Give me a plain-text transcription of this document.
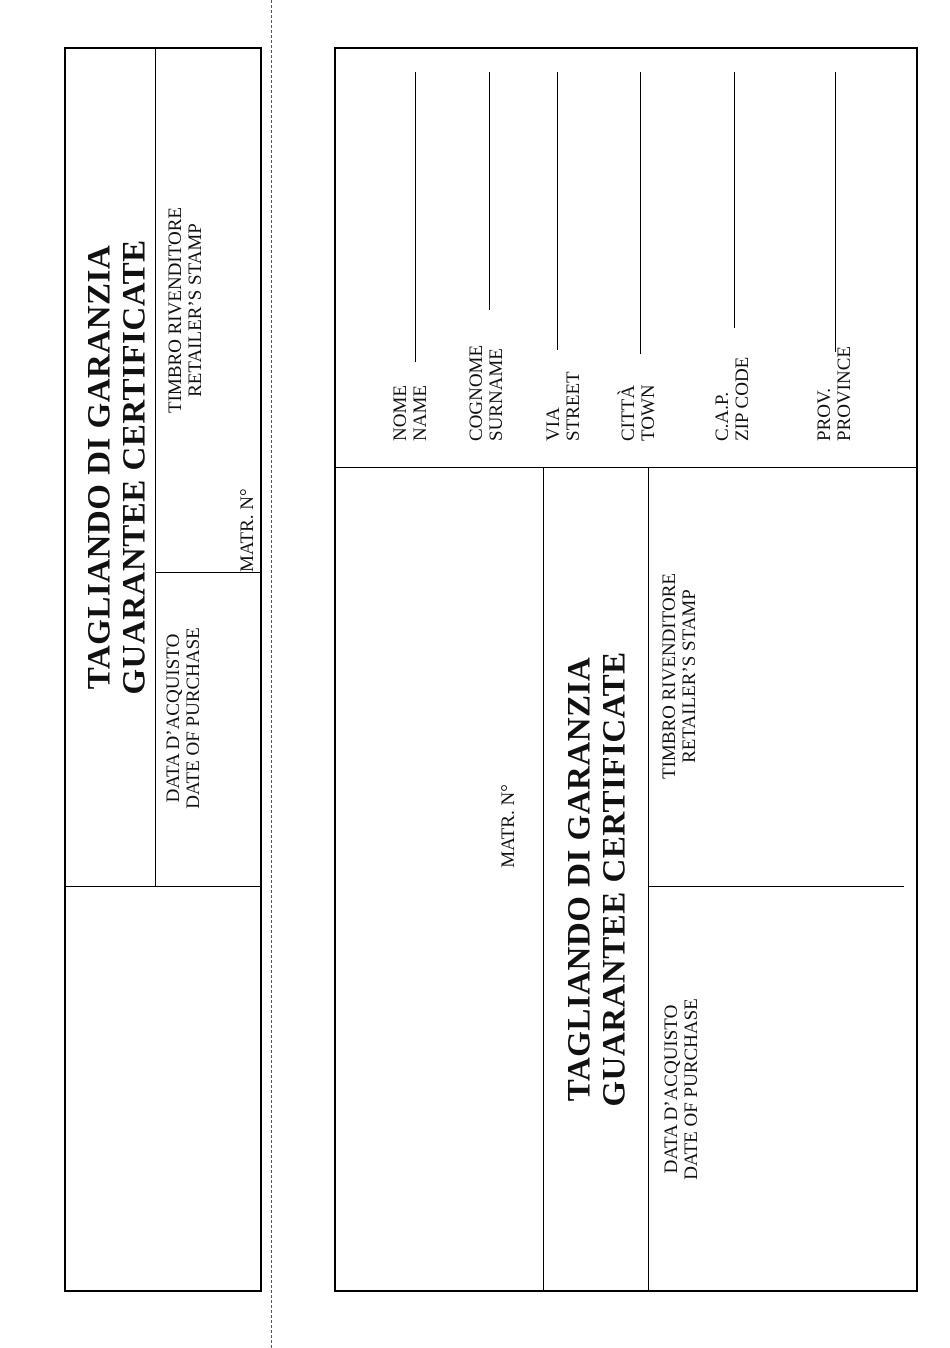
TAGLIANDO DI GARANZIA
GUARANTEE CERTIFICATE TIMBRO RIVENDITORE
RETAILER’S STAMP
MATR. N°
DATA D’ACQUISTO
DATE OF PURCHASE
NOME
NAME COGNOME
SURNAME VIA
STREET CITTÀ
TOWN	C.A.P.
ZIP CODE	PROV.
PROVINCE
MATR. N° TAGLIANDO DI GARANZIA
GUARANTEE CERTIFICATE TIMBRO RIVENDITORE
RETAILER’S STAMP
DATA D’ACQUISTO
DATE OF PURCHASE
